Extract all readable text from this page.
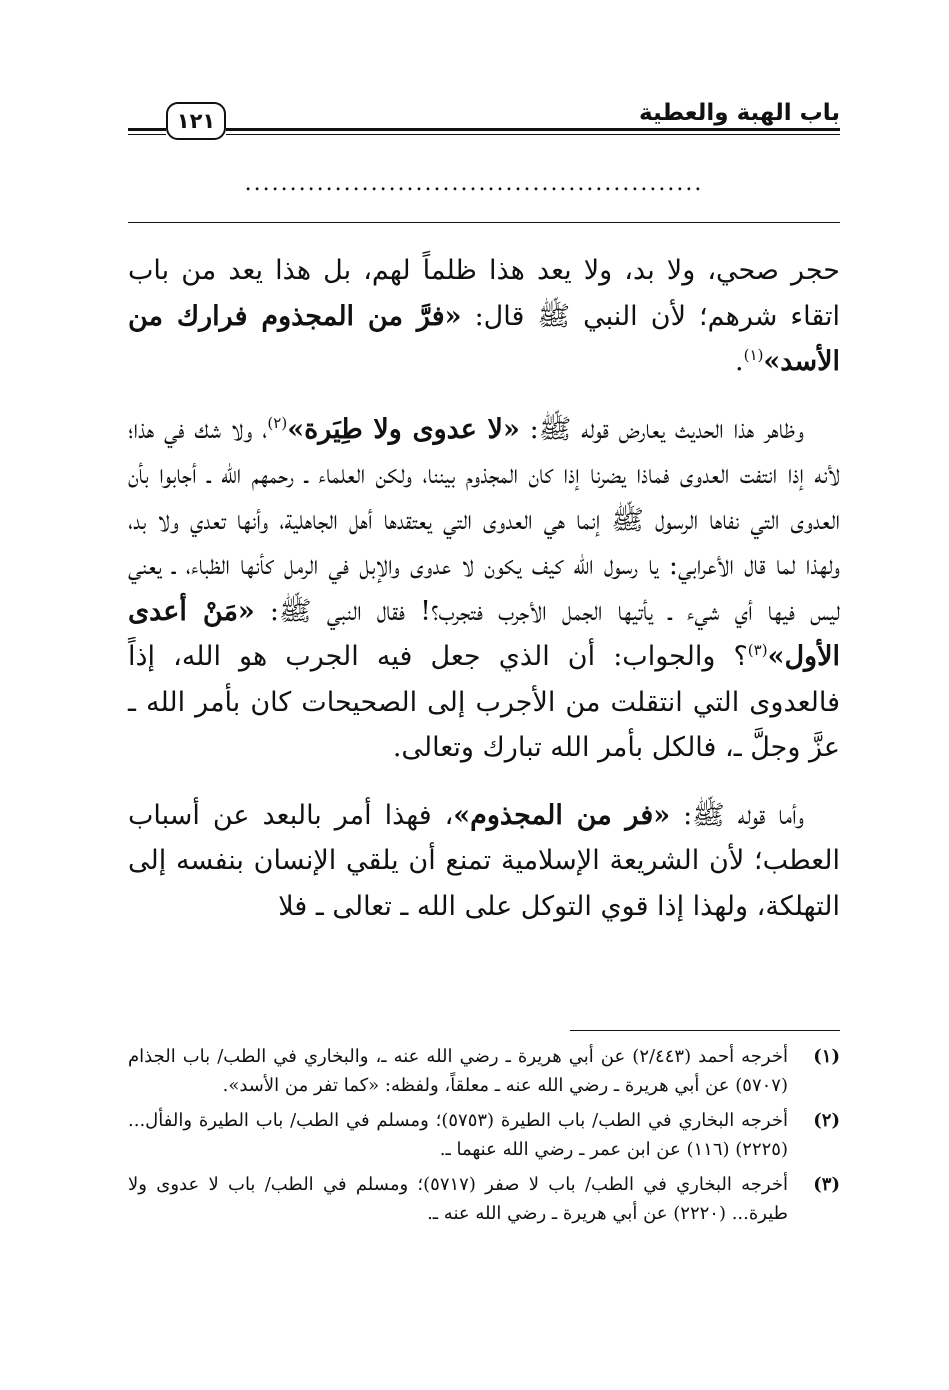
باب الهبة والعطية
١٢١
...................................................

حجر صحي، ولا بد، ولا يعد هذا ظلماً لهم، بل هذا يعد من باب اتقاء شرهم؛ لأن النبي ﷺ قال: «فرَّ من المجذوم فرارك من الأسد»$^{(١)}$.

وظاهر هذا الحديث يعارض قوله ﷺ: «لا عدوى ولا طِيَرة»$^{(٢)}$، ولا شك في هذا؛ لأنه إذا انتفت العدوى فماذا يضرنا إذا كان المجذوم بيننا، ولكن العلماء ـ رحمهم الله ـ أجابوا بأن العدوى التي نفاها الرسول ﷺ إنما هي العدوى التي يعتقدها أهل الجاهلية، وأنها تعدي ولا بد، ولهذا لما قال الأعرابي: يا رسول الله كيف يكون لا عدوى والإبل في الرمل كأنها الظباء، ـ يعني ليس فيها أي شيء ـ يأتيها الجمل الأجرب فتجرب؟! فقال النبي ﷺ: «مَنْ أعدى الأول»$^{(٣)}$؟ والجواب: أن الذي جعل فيه الجرب هو الله، إذاً فالعدوى التي انتقلت من الأجرب إلى الصحيحات كان بأمر الله ـ عزَّ وجلَّ ـ، فالكل بأمر الله تبارك وتعالى.

وأما قوله ﷺ: «فر من المجذوم»، فهذا أمر بالبعد عن أسباب العطب؛ لأن الشريعة الإسلامية تمنع أن يلقي الإنسان بنفسه إلى التهلكة، ولهذا إذا قوي التوكل على الله ـ تعالى ـ فلا

(١)
أخرجه أحمد (٢/٤٤٣) عن أبي هريرة ـ رضي الله عنه ـ، والبخاري في الطب/ باب الجذام (٥٧٠٧) عن أبي هريرة ـ رضي الله عنه ـ معلقاً، ولفظه: «كما تفر من الأسد».
(٢)
أخرجه البخاري في الطب/ باب الطيرة (٥٧٥٣)؛ ومسلم في الطب/ باب الطيرة والفأل... (٢٢٢٥) (١١٦) عن ابن عمر ـ رضي الله عنهما ـ.
(٣)
أخرجه البخاري في الطب/ باب لا صفر (٥٧١٧)؛ ومسلم في الطب/ باب لا عدوى ولا طيرة... (٢٢٢٠) عن أبي هريرة ـ رضي الله عنه ـ.
